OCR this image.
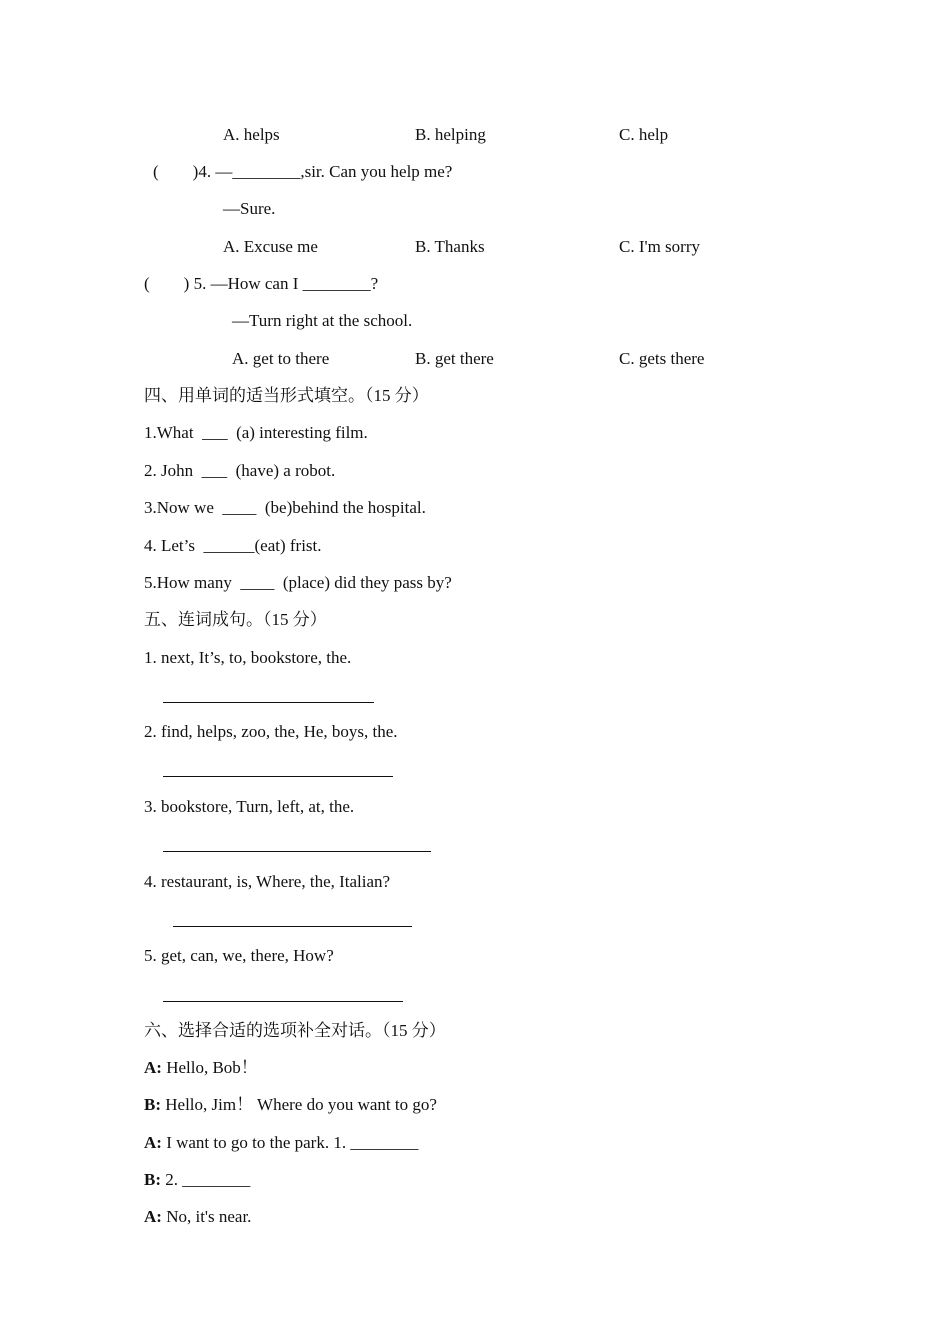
A. helps	B. helping	C. help
(        )4. —________,sir. Can you help me?
—Sure.
A. Excuse me	B. Thanks	C. I'm sorry
(        ) 5. —How can I ________?
—Turn right at the school.
A. get to there	B. get there	C. gets there
四、用单词的适当形式填空。（15 分）
1.What  ___  (a) interesting film.
2. John  ___  (have) a robot.
3.Now we  ____  (be)behind the hospital.
4. Let’s  ______(eat) frist.
5.How many  ____  (place) did they pass by?
五、连词成句。（15 分）
1. next, It’s, to, bookstore, the.
2. find, helps, zoo, the, He, boys, the.
3. bookstore, Turn, left, at, the.
4. restaurant, is, Where, the, Italian?
5. get, can, we, there, How?
六、选择合适的选项补全对话。（15 分）
A: Hello, Bob！
B: Hello, Jim！ Where do you want to go?
A: I want to go to the park. 1. ________
B: 2. ________
A: No, it's near.
